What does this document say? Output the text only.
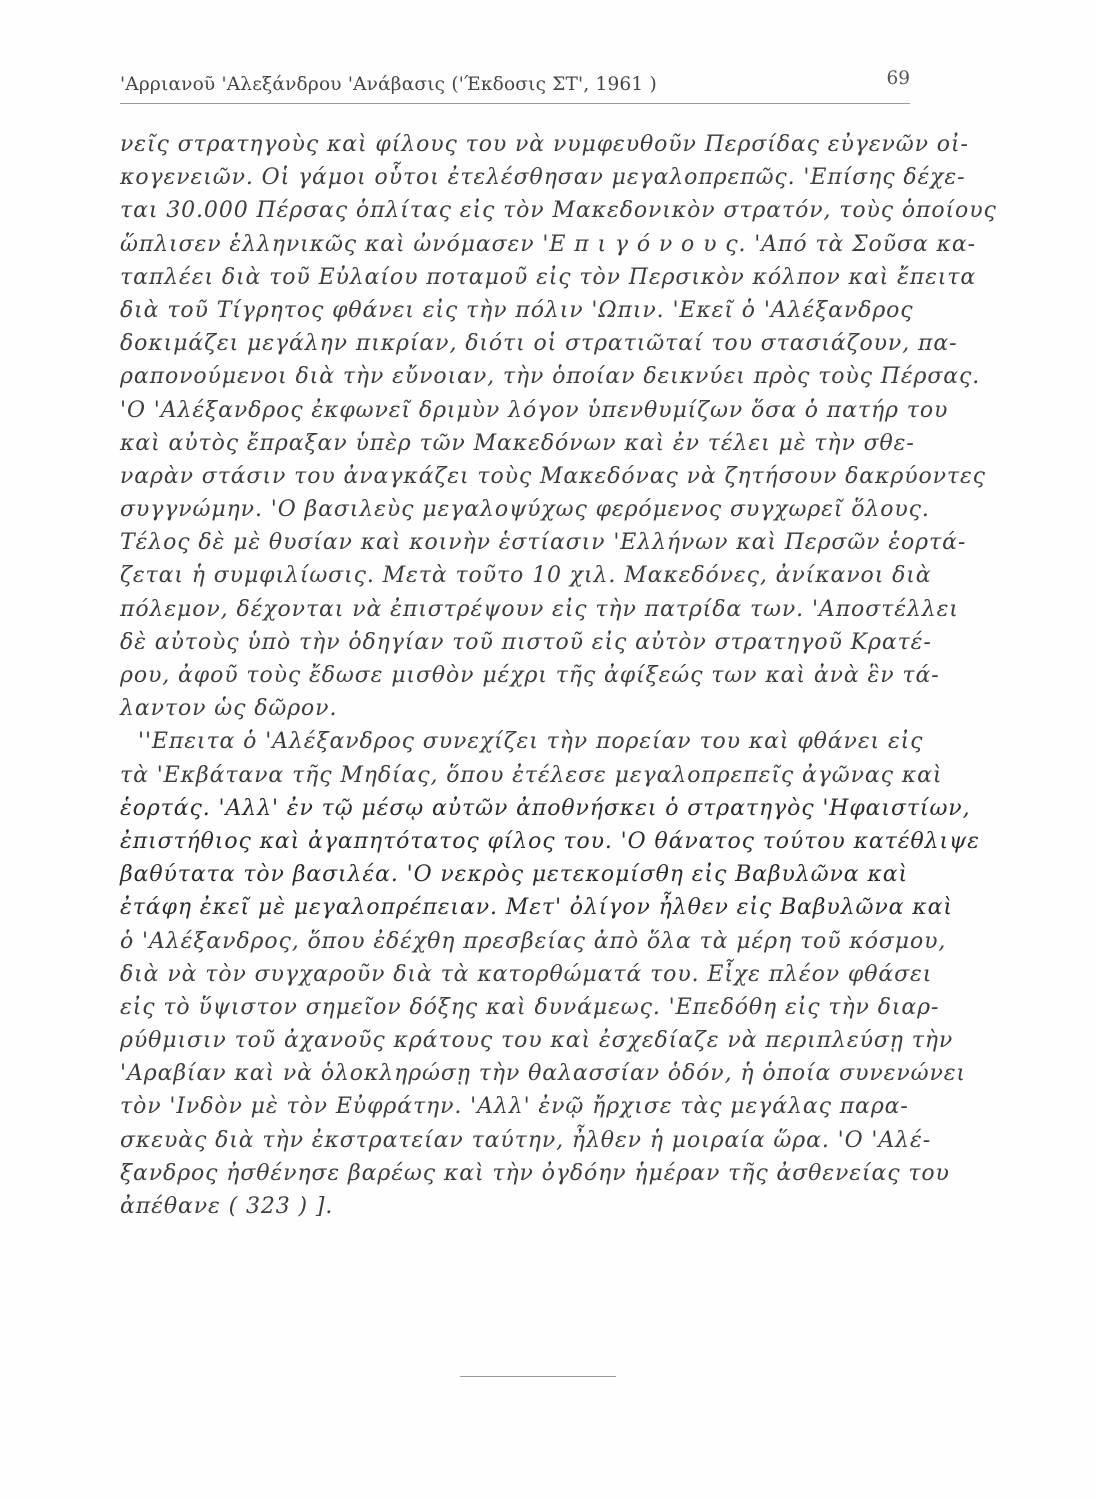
'Αρριανοῦ 'Αλεξάνδρου 'Ανάβασις ('Έκδοσις ΣΤ', 1961 )	69
νεῖς στρατηγοὺς καὶ φίλους του νὰ νυμφευθοῦν Περσίδας εὐγενῶν οἰ-
κογενειῶν. Οἱ γάμοι οὗτοι ἐτελέσθησαν μεγαλοπρεπῶς. 'Επίσης δέχε-
ται 30.000 Πέρσας ὁπλίτας εἰς τὸν Μακεδονικὸν στρατόν, τοὺς ὁποίους
ὥπλισεν ἑλληνικῶς καὶ ὠνόμασεν 'Ε π ι γ ό ν ο υ ς. 'Από τὰ Σοῦσα κα-
ταπλέει διὰ τοῦ Εὐλαίου ποταμοῦ εἰς τὸν Περσικὸν κόλπον καὶ ἔπειτα
διὰ τοῦ Τίγρητος φθάνει εἰς τὴν πόλιν 'Ωπιν. 'Εκεῖ ὁ 'Αλέξανδρος
δοκιμάζει μεγάλην πικρίαν, διότι οἱ στρατιῶταί του στασιάζουν, πα-
ραπονούμενοι διὰ τὴν εὔνοιαν, τὴν ὁποίαν δεικνύει πρὸς τοὺς Πέρσας.
'Ο 'Αλέξανδρος ἐκφωνεῖ δριμὺν λόγον ὑπενθυμίζων ὅσα ὁ πατήρ του
καὶ αὐτὸς ἔπραξαν ὑπὲρ τῶν Μακεδόνων καὶ ἐν τέλει μὲ τὴν σθε-
ναρὰν στάσιν του ἀναγκάζει τοὺς Μακεδόνας νὰ ζητήσουν δακρύοντες
συγγνώμην. 'Ο βασιλεὺς μεγαλοψύχως φερόμενος συγχωρεῖ ὅλους.
Τέλος δὲ μὲ θυσίαν καὶ κοινὴν ἑστίασιν 'Ελλήνων καὶ Περσῶν ἑορτά-
ζεται ἡ συμφιλίωσις. Μετὰ τοῦτο 10 χιλ. Μακεδόνες, ἀνίκανοι διὰ
πόλεμον, δέχονται νὰ ἐπιστρέψουν εἰς τὴν πατρίδα των. 'Αποστέλλει
δὲ αὐτοὺς ὑπὸ τὴν ὁδηγίαν τοῦ πιστοῦ εἰς αὐτὸν στρατηγοῦ Κρατέ-
ρου, ἀφοῦ τοὺς ἔδωσε μισθὸν μέχρι τῆς ἀφίξεώς των καὶ ἀνὰ ἓν τά-
λαντον ὡς δῶρον.
''Επειτα ὁ 'Αλέξανδρος συνεχίζει τὴν πορείαν του καὶ φθάνει εἰς
τὰ 'Εκβάτανα τῆς Μηδίας, ὅπου ἐτέλεσε μεγαλοπρεπεῖς ἀγῶνας καὶ
ἑορτάς. 'Αλλ' ἐν τῷ μέσῳ αὐτῶν ἀποθνήσκει ὁ στρατηγὸς 'Ηφαιστίων,
ἐπιστήθιος καὶ ἀγαπητότατος φίλος του. 'Ο θάνατος τούτου κατέθλιψε
βαθύτατα τὸν βασιλέα. 'Ο νεκρὸς μετεκομίσθη εἰς Βαβυλῶνα καὶ
ἐτάφη ἐκεῖ μὲ μεγαλοπρέπειαν. Μετ' ὀλίγον ἦλθεν εἰς Βαβυλῶνα καὶ
ὁ 'Αλέξανδρος, ὅπου ἐδέχθη πρεσβείας ἀπὸ ὅλα τὰ μέρη τοῦ κόσμου,
διὰ νὰ τὸν συγχαροῦν διὰ τὰ κατορθώματά του. Εἶχε πλέον φθάσει
εἰς τὸ ὕψιστον σημεῖον δόξης καὶ δυνάμεως. 'Επεδόθη εἰς τὴν διαρ-
ρύθμισιν τοῦ ἀχανοῦς κράτους του καὶ ἐσχεδίαζε νὰ περιπλεύσῃ τὴν
'Αραβίαν καὶ νὰ ὁλοκληρώσῃ τὴν θαλασσίαν ὁδόν, ἡ ὁποία συνενώνει
τὸν 'Ινδὸν μὲ τὸν Εὐφράτην. 'Αλλ' ἐνῷ ἤρχισε τὰς μεγάλας παρα-
σκευὰς διὰ τὴν ἐκστρατείαν ταύτην, ἦλθεν ἡ μοιραία ὥρα. 'Ο 'Αλέ-
ξανδρος ἠσθένησε βαρέως καὶ τὴν ὀγδόην ἡμέραν τῆς ἀσθενείας του
ἀπέθανε ( 323 ) ].
